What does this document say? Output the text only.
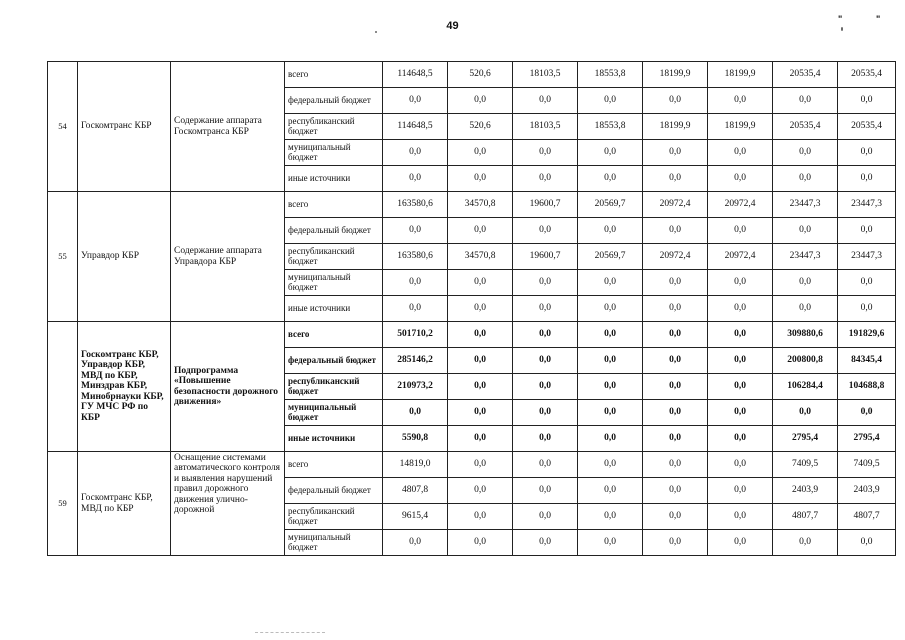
49
"	"
54	Госкомтранс КБР	Содержание аппарата Госкомтранса КБР	всего	114648,5	520,6	18103,5	18553,8	18199,9	18199,9	20535,4	20535,4
			федеральный бюджет	0,0	0,0	0,0	0,0	0,0	0,0	0,0	0,0
			республиканский бюджет	114648,5	520,6	18103,5	18553,8	18199,9	18199,9	20535,4	20535,4
			муниципальный бюджет	0,0	0,0	0,0	0,0	0,0	0,0	0,0	0,0
			иные источники	0,0	0,0	0,0	0,0	0,0	0,0	0,0	0,0
55	Управдор КБР	Содержание аппарата Управдора КБР	всего	163580,6	34570,8	19600,7	20569,7	20972,4	20972,4	23447,3	23447,3
			федеральный бюджет	0,0	0,0	0,0	0,0	0,0	0,0	0,0	0,0
			республиканский бюджет	163580,6	34570,8	19600,7	20569,7	20972,4	20972,4	23447,3	23447,3
			муниципальный бюджет	0,0	0,0	0,0	0,0	0,0	0,0	0,0	0,0
			иные источники	0,0	0,0	0,0	0,0	0,0	0,0	0,0	0,0
	Госкомтранс КБР, Управдор КБР, МВД по КБР, Минздрав КБР, Минобрнауки КБР, ГУ МЧС РФ по КБР	Подпрограмма «Повышение безопасности дорожного движения»	всего	501710,2	0,0	0,0	0,0	0,0	0,0	309880,6	191829,6
			федеральный бюджет	285146,2	0,0	0,0	0,0	0,0	0,0	200800,8	84345,4
			республиканский бюджет	210973,2	0,0	0,0	0,0	0,0	0,0	106284,4	104688,8
			муниципальный бюджет	0,0	0,0	0,0	0,0	0,0	0,0	0,0	0,0
			иные источники	5590,8	0,0	0,0	0,0	0,0	0,0	2795,4	2795,4
59	Госкомтранс КБР, МВД по КБР	Оснащение системами автоматического контроля и выявления нарушений правил дорожного движения улично-дорожной	всего	14819,0	0,0	0,0	0,0	0,0	0,0	7409,5	7409,5
			федеральный бюджет	4807,8	0,0	0,0	0,0	0,0	0,0	2403,9	2403,9
			республиканский бюджет	9615,4	0,0	0,0	0,0	0,0	0,0	4807,7	4807,7
			муниципальный бюджет	0,0	0,0	0,0	0,0	0,0	0,0	0,0	0,0
